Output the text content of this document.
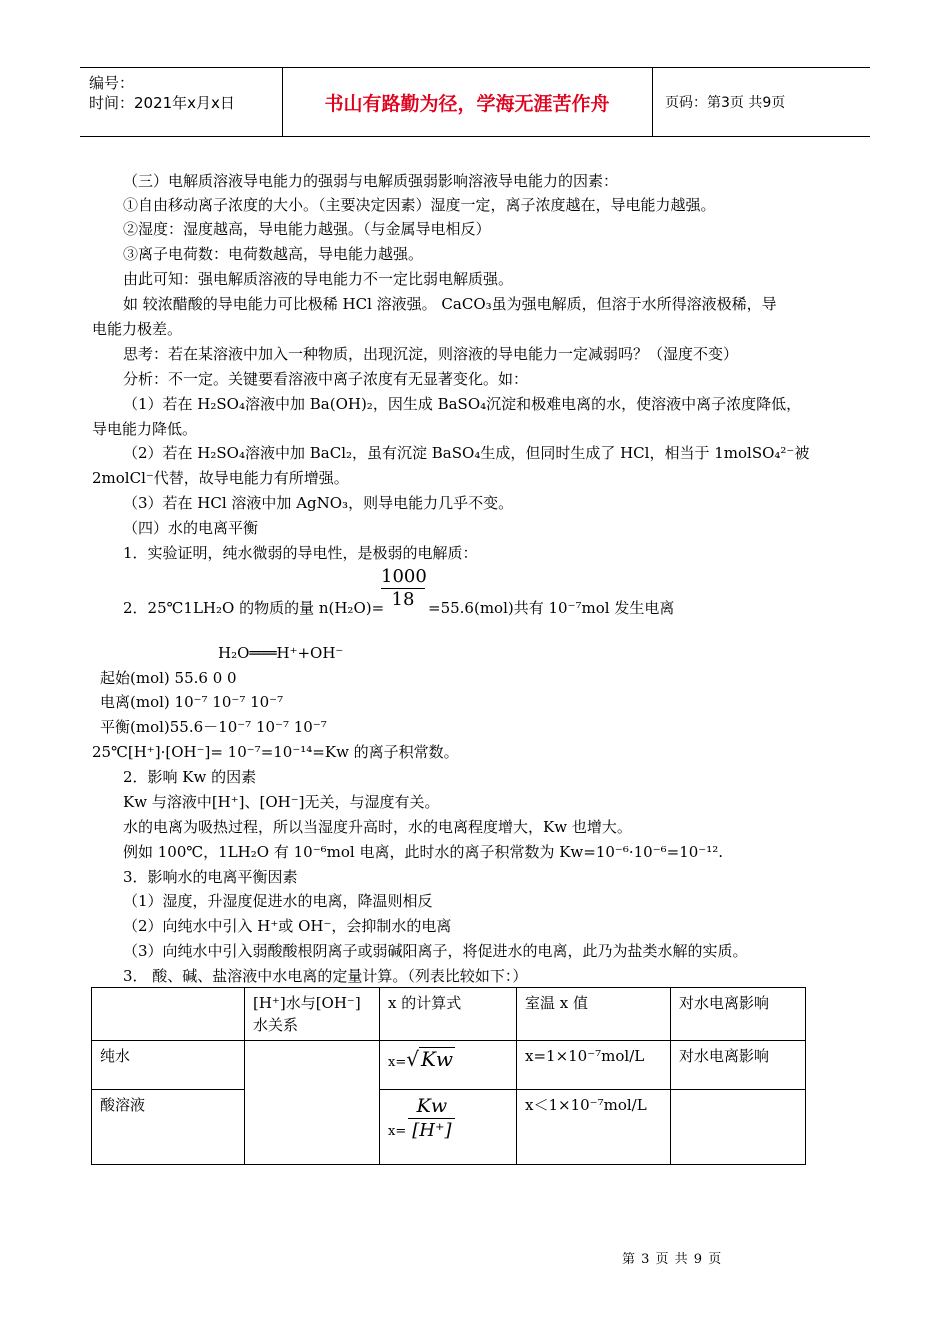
编号：
时间：2021年x月x日	书山有路勤为径，学海无涯苦作舟	页码：第3页 共9页
（三）电解质溶液导电能力的强弱与电解质强弱影响溶液导电能力的因素：
①自由移动离子浓度的大小。（主要决定因素）湿度一定，离子浓度越在，导电能力越强。
②湿度：湿度越高，导电能力越强。（与金属导电相反）
③离子电荷数：电荷数越高，导电能力越强。
由此可知：强电解质溶液的导电能力不一定比弱电解质强。
如 较浓醋酸的导电能力可比极稀 HCl 溶液强。 CaCO₃虽为强电解质，但溶于水所得溶液极稀，导
电能力极差。
思考：若在某溶液中加入一种物质，出现沉淀，则溶液的导电能力一定减弱吗？（湿度不变）
分析：不一定。关键要看溶液中离子浓度有无显著变化。如：
（1）若在 H₂SO₄溶液中加 Ba(OH)₂，因生成 BaSO₄沉淀和极难电离的水，使溶液中离子浓度降低，
导电能力降低。
（2）若在 H₂SO₄溶液中加 BaCl₂，虽有沉淀 BaSO₄生成，但同时生成了 HCl，相当于 1molSO₄²⁻被
2molCl⁻代替，故导电能力有所增强。
（3）若在 HCl 溶液中加 AgNO₃，则导电能力几乎不变。
（四）水的电离平衡
1．实验证明，纯水微弱的导电性，是极弱的电解质：
$\frac{1000}{18}$
2．25℃1LH₂O 的物质的量 n(H₂O)=	=55.6(mol)共有 10⁻⁷mol 发生电离
H₂O═══H⁺+OH⁻
起始(mol) 55.6 0 0
电离(mol) 10⁻⁷ 10⁻⁷ 10⁻⁷
平衡(mol)55.6－10⁻⁷ 10⁻⁷ 10⁻⁷
25℃[H⁺]·[OH⁻]= 10⁻⁷=10⁻¹⁴=Kw 的离子积常数。
2．影响 Kw 的因素
Kw 与溶液中[H⁺]、[OH⁻]无关，与湿度有关。
水的电离为吸热过程，所以当湿度升高时，水的电离程度增大，Kw 也增大。
例如 100℃，1LH₂O 有 10⁻⁶mol 电离，此时水的离子积常数为 Kw=10⁻⁶·10⁻⁶=10⁻¹².
3．影响水的电离平衡因素
（1）湿度，升湿度促进水的电离，降温则相反
（2）向纯水中引入 H⁺或 OH⁻，会抑制水的电离
（3）向纯水中引入弱酸酸根阴离子或弱碱阳离子，将促进水的电离，此乃为盐类水解的实质。
3． 酸、碱、盐溶液中水电离的定量计算。（列表比较如下：）
	[H⁺]水与[OH⁻]水关系	x 的计算式	室温 x 值	对水电离影响
纯水		x=√ Kw	x=1×10⁻⁷mol/L	对水电离影响
酸溶液		$x= \frac{Kw}{[H^+]}$	x＜1×10⁻⁷mol/L	
第 3 页 共 9 页
